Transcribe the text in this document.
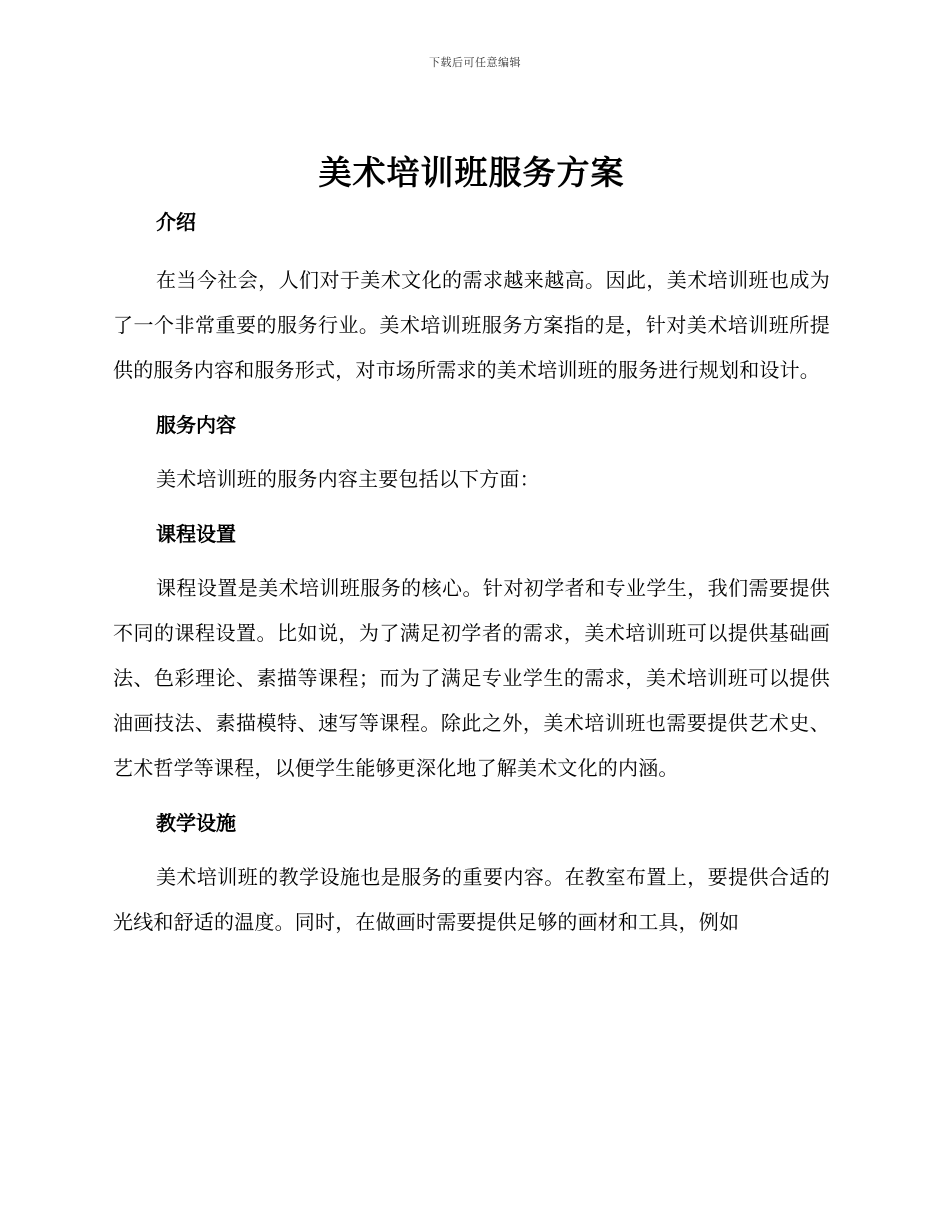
下载后可任意编辑
美术培训班服务方案
介绍

在当今社会，人们对于美术文化的需求越来越高。因此，美术培训班也成为了一个非常重要的服务行业。美术培训班服务方案指的是，针对美术培训班所提供的服务内容和服务形式，对市场所需求的美术培训班的服务进行规划和设计。

服务内容

美术培训班的服务内容主要包括以下方面：

课程设置

课程设置是美术培训班服务的核心。针对初学者和专业学生，我们需要提供不同的课程设置。比如说，为了满足初学者的需求，美术培训班可以提供基础画法、色彩理论、素描等课程；而为了满足专业学生的需求，美术培训班可以提供油画技法、素描模特、速写等课程。除此之外，美术培训班也需要提供艺术史、艺术哲学等课程，以便学生能够更深化地了解美术文化的内涵。

教学设施

美术培训班的教学设施也是服务的重要内容。在教室布置上，要提供合适的光线和舒适的温度。同时，在做画时需要提供足够的画材和工具，例如
